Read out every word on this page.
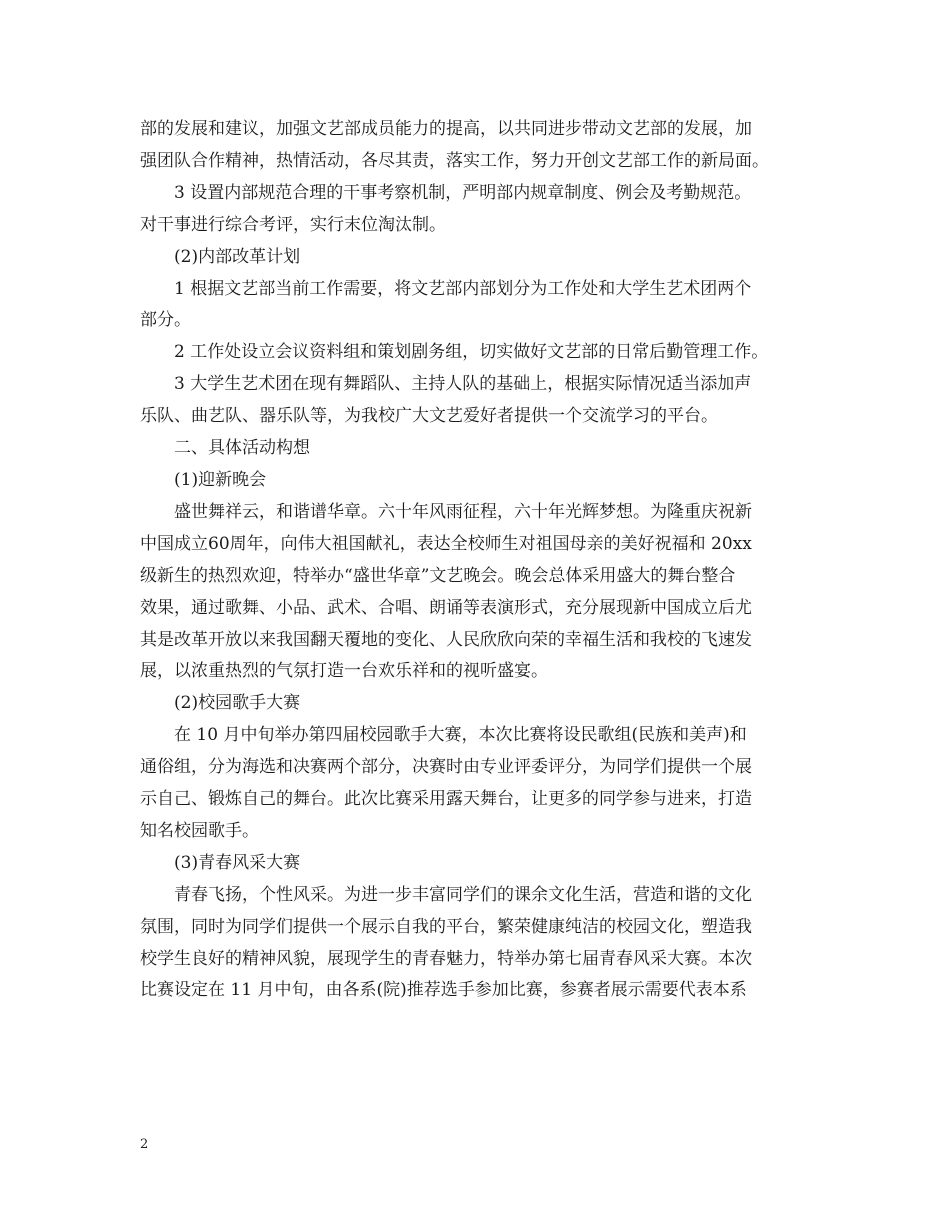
部的发展和建议，加强文艺部成员能力的提高，以共同进步带动文艺部的发展，加

强团队合作精神，热情活动，各尽其责，落实工作，努力开创文艺部工作的新局面。

3 设置内部规范合理的干事考察机制，严明部内规章制度、例会及考勤规范。

对干事进行综合考评，实行末位淘汰制。

(2)内部改革计划

1 根据文艺部当前工作需要，将文艺部内部划分为工作处和大学生艺术团两个

部分。

2 工作处设立会议资料组和策划剧务组，切实做好文艺部的日常后勤管理工作。

3 大学生艺术团在现有舞蹈队、主持人队的基础上，根据实际情况适当添加声

乐队、曲艺队、器乐队等，为我校广大文艺爱好者提供一个交流学习的平台。

二、具体活动构想

(1)迎新晚会

盛世舞祥云，和谐谱华章。六十年风雨征程，六十年光辉梦想。为隆重庆祝新

中国成立60周年，向伟大祖国献礼，表达全校师生对祖国母亲的美好祝福和 20xx

级新生的热烈欢迎，特举办“盛世华章”文艺晚会。晚会总体采用盛大的舞台整合

效果，通过歌舞、小品、武术、合唱、朗诵等表演形式，充分展现新中国成立后尤

其是改革开放以来我国翻天覆地的变化、人民欣欣向荣的幸福生活和我校的飞速发

展，以浓重热烈的气氛打造一台欢乐祥和的视听盛宴。

(2)校园歌手大赛

在 10 月中旬举办第四届校园歌手大赛，本次比赛将设民歌组(民族和美声)和

通俗组，分为海选和决赛两个部分，决赛时由专业评委评分，为同学们提供一个展

示自己、锻炼自己的舞台。此次比赛采用露天舞台，让更多的同学参与进来，打造

知名校园歌手。

(3)青春风采大赛

青春飞扬，个性风采。为进一步丰富同学们的课余文化生活，营造和谐的文化

氛围，同时为同学们提供一个展示自我的平台，繁荣健康纯洁的校园文化，塑造我

校学生良好的精神风貌，展现学生的青春魅力，特举办第七届青春风采大赛。本次

比赛设定在 11 月中旬，由各系(院)推荐选手参加比赛，参赛者展示需要代表本系

2
